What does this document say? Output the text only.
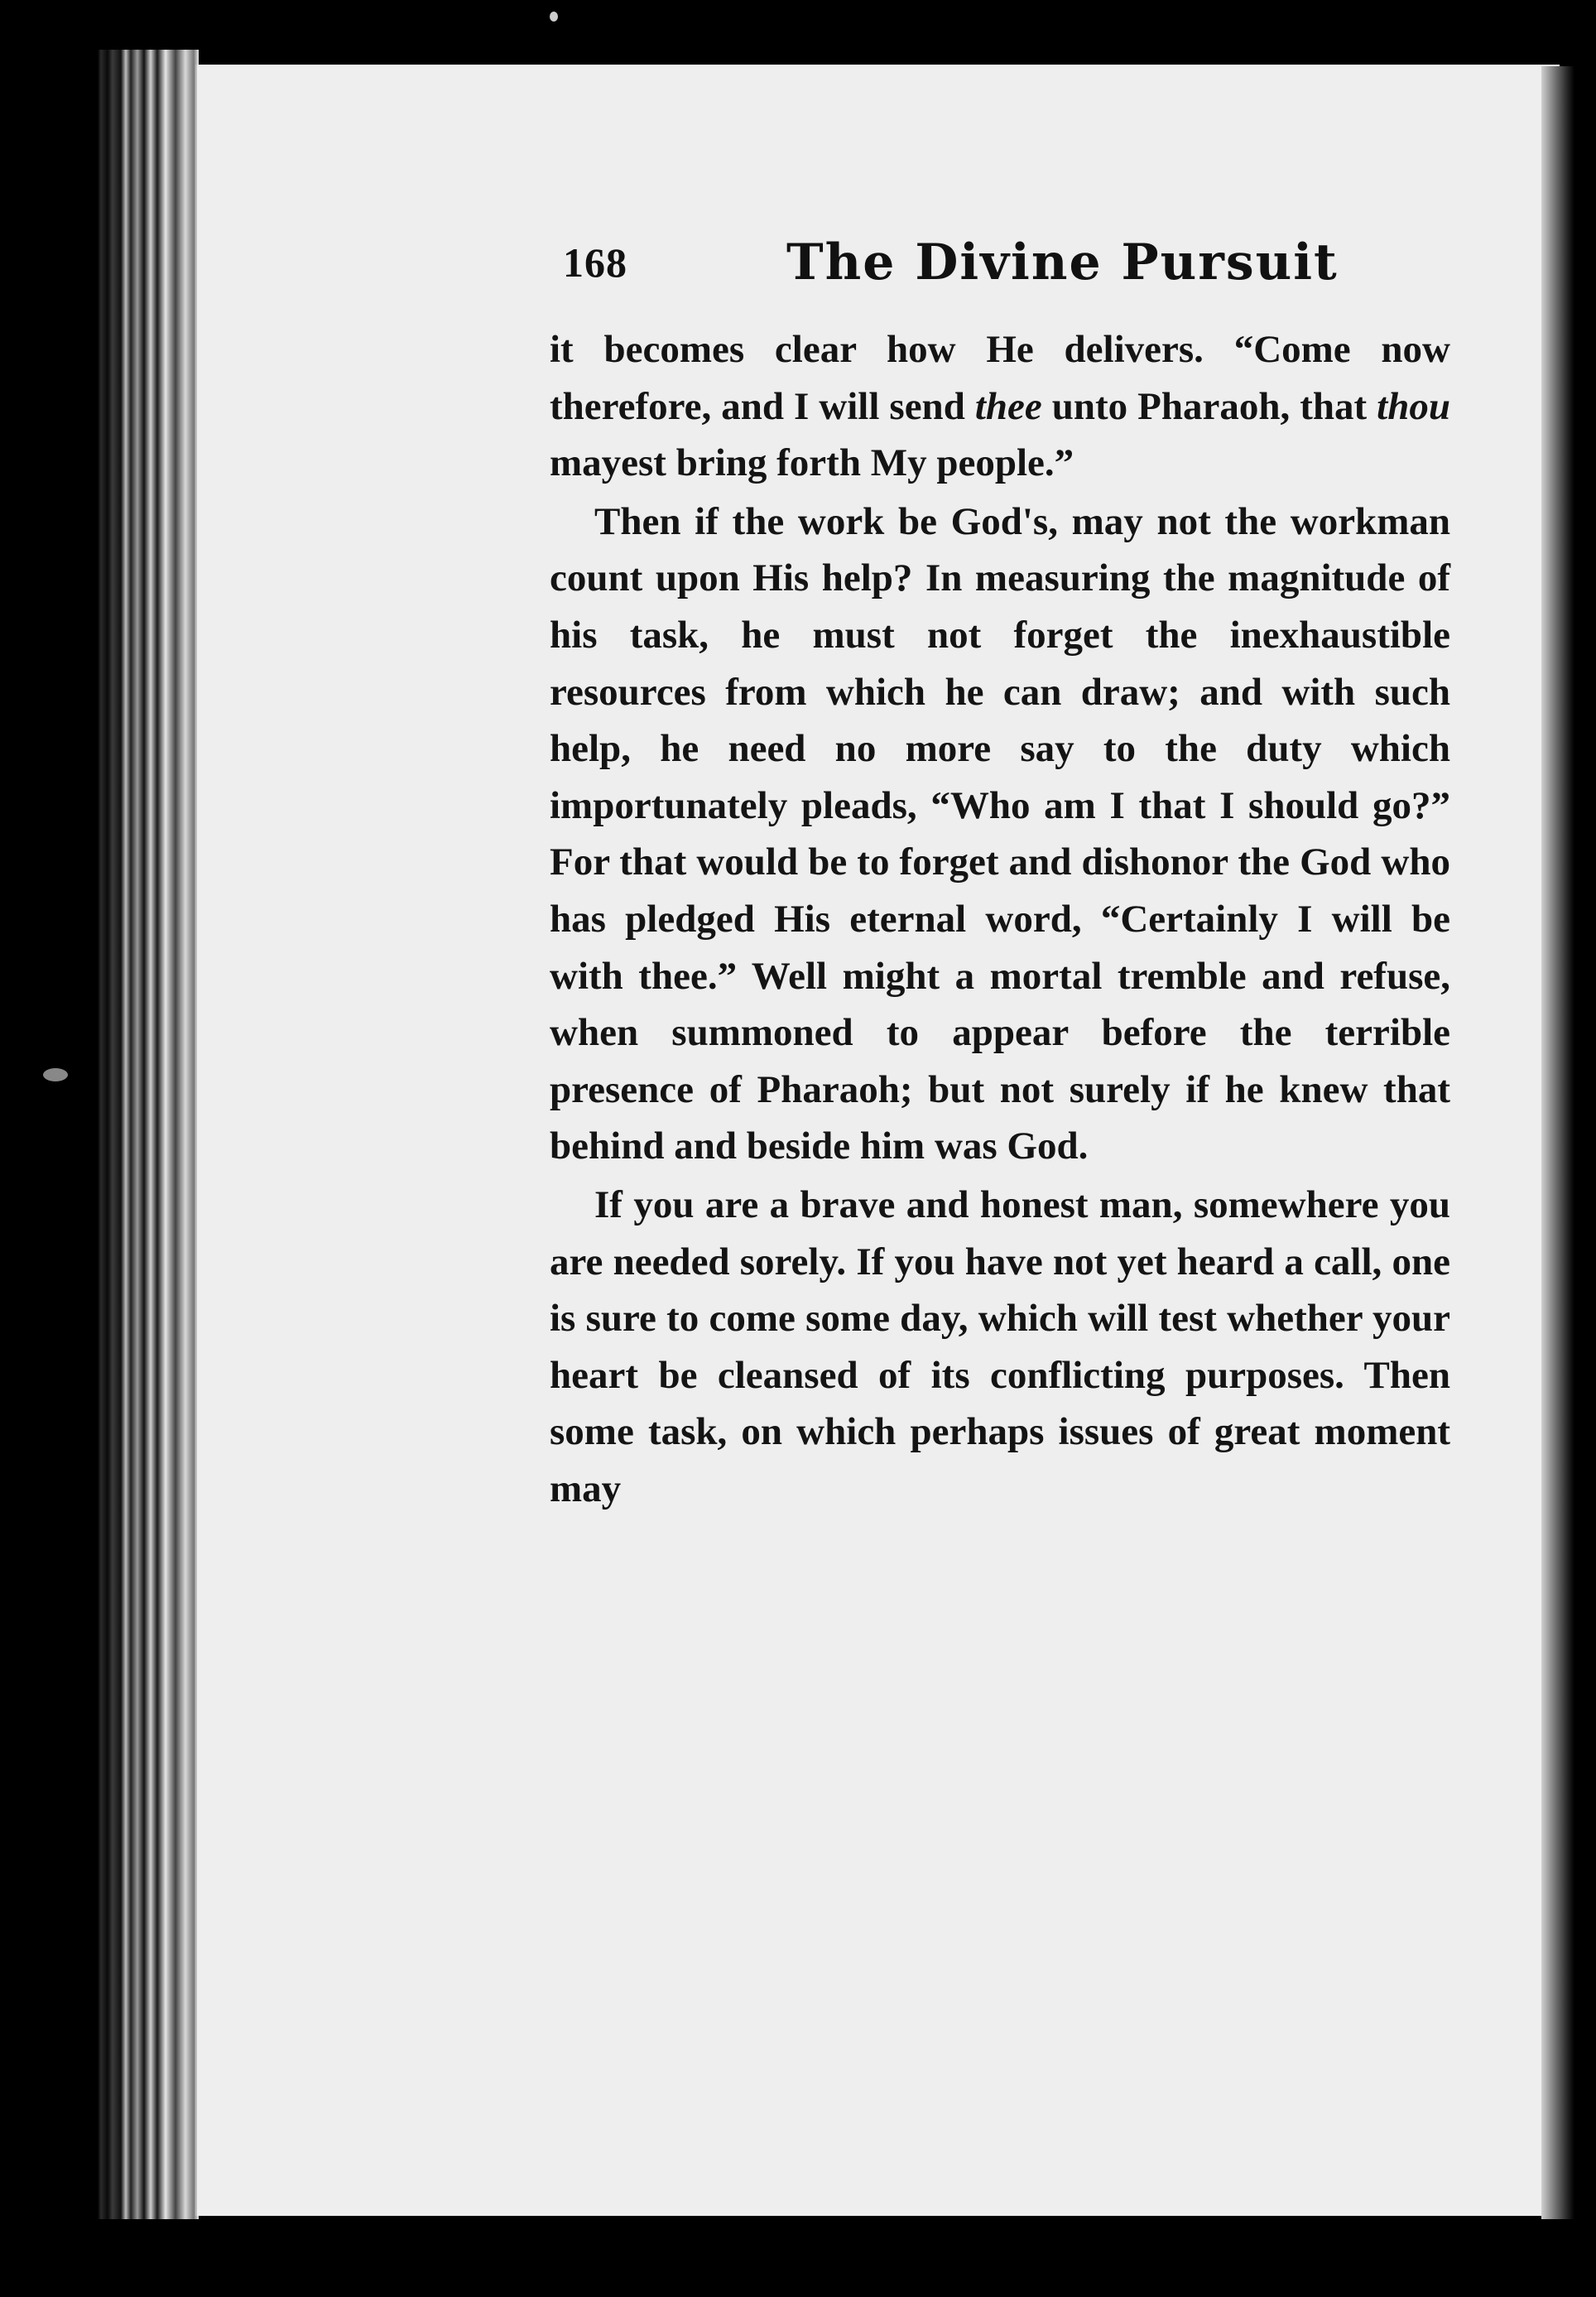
168	The Divine Pursuit

it becomes clear how He delivers. “Come now therefore, and I will send thee unto Pharaoh, that thou mayest bring forth My people.”

Then if the work be God's, may not the workman count upon His help? In measuring the magnitude of his task, he must not forget the inexhaustible resources from which he can draw; and with such help, he need no more say to the duty which importunately pleads, “Who am I that I should go?” For that would be to forget and dishonor the God who has pledged His eternal word, “Certainly I will be with thee.” Well might a mortal tremble and refuse, when summoned to appear before the terrible presence of Pharaoh; but not surely if he knew that behind and beside him was God.

If you are a brave and honest man, somewhere you are needed sorely. If you have not yet heard a call, one is sure to come some day, which will test whether your heart be cleansed of its conflicting purposes. Then some task, on which perhaps issues of great moment may
